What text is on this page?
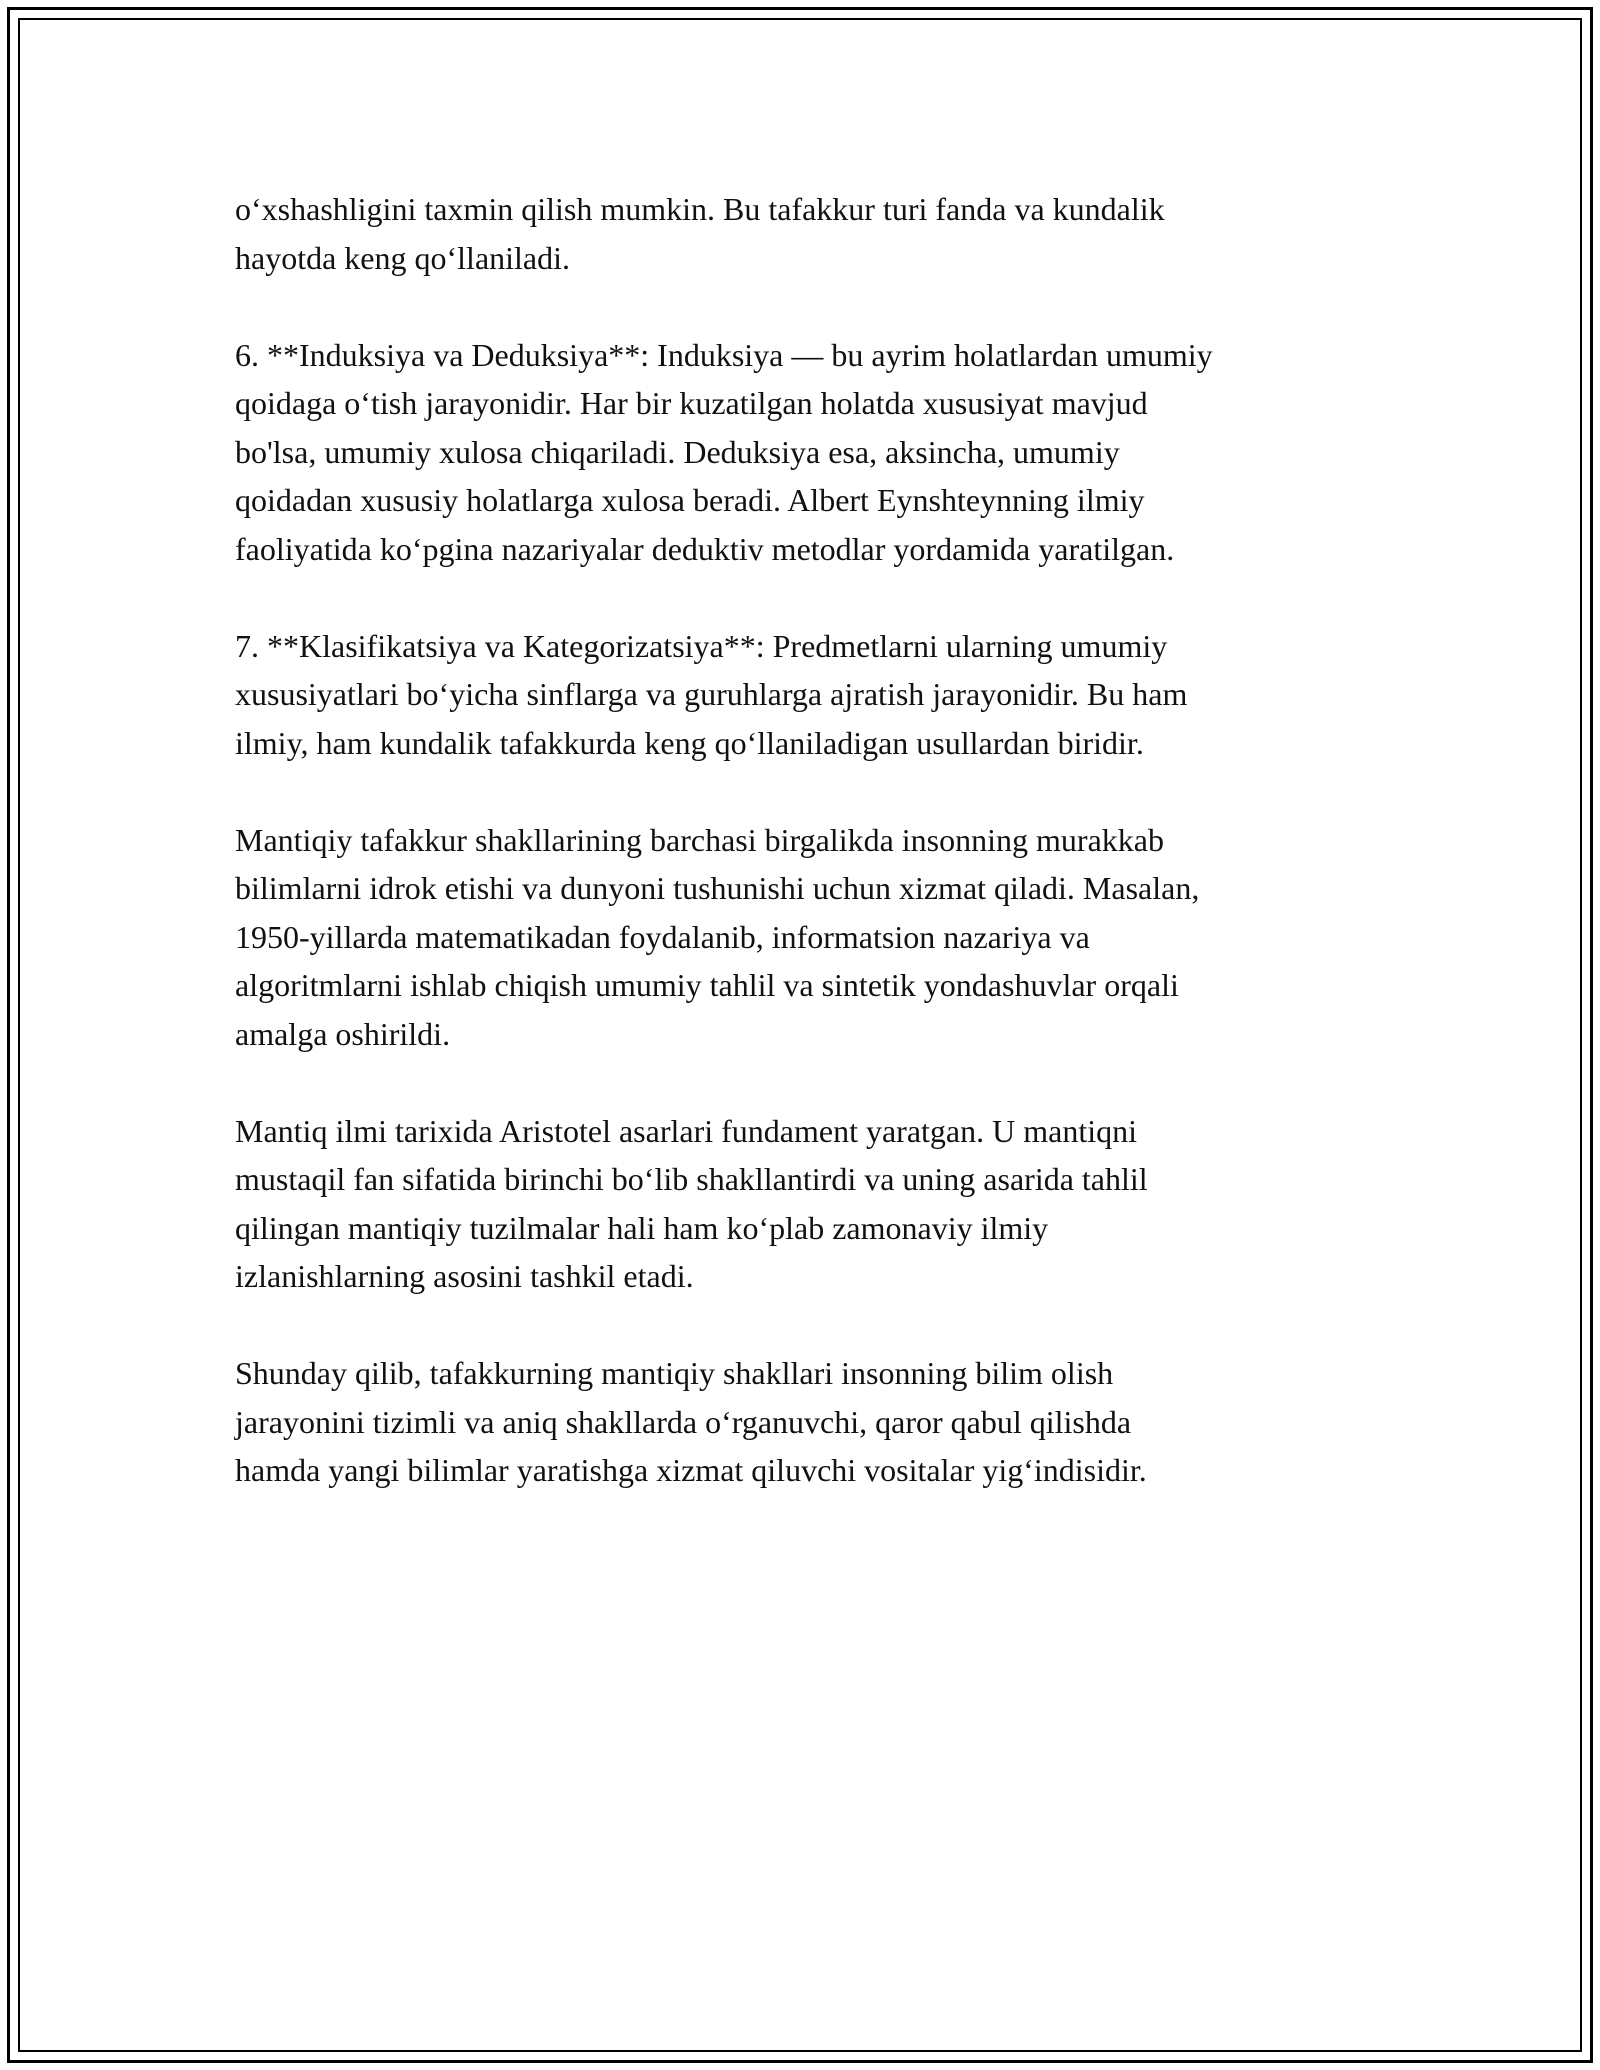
o‘xshashligini taxmin qilish mumkin. Bu tafakkur turi fanda va kundalik
hayotda keng qo‘llaniladi.

6. **Induksiya va Deduksiya**: Induksiya — bu ayrim holatlardan umumiy
qoidaga o‘tish jarayonidir. Har bir kuzatilgan holatda xususiyat mavjud
bo'lsa, umumiy xulosa chiqariladi. Deduksiya esa, aksincha, umumiy
qoidadan xususiy holatlarga xulosa beradi. Albert Eynshteynning ilmiy
faoliyatida ko‘pgina nazariyalar deduktiv metodlar yordamida yaratilgan.

7. **Klasifikatsiya va Kategorizatsiya**: Predmetlarni ularning umumiy
xususiyatlari bo‘yicha sinflarga va guruhlarga ajratish jarayonidir. Bu ham
ilmiy, ham kundalik tafakkurda keng qo‘llaniladigan usullardan biridir.

Mantiqiy tafakkur shakllarining barchasi birgalikda insonning murakkab
bilimlarni idrok etishi va dunyoni tushunishi uchun xizmat qiladi. Masalan,
1950-yillarda matematikadan foydalanib, informatsion nazariya va
algoritmlarni ishlab chiqish umumiy tahlil va sintetik yondashuvlar orqali
amalga oshirildi.

Mantiq ilmi tarixida Aristotel asarlari fundament yaratgan. U mantiqni
mustaqil fan sifatida birinchi bo‘lib shakllantirdi va uning asarida tahlil
qilingan mantiqiy tuzilmalar hali ham ko‘plab zamonaviy ilmiy
izlanishlarning asosini tashkil etadi.

Shunday qilib, tafakkurning mantiqiy shakllari insonning bilim olish
jarayonini tizimli va aniq shakllarda o‘rganuvchi, qaror qabul qilishda
hamda yangi bilimlar yaratishga xizmat qiluvchi vositalar yig‘indisidir.
